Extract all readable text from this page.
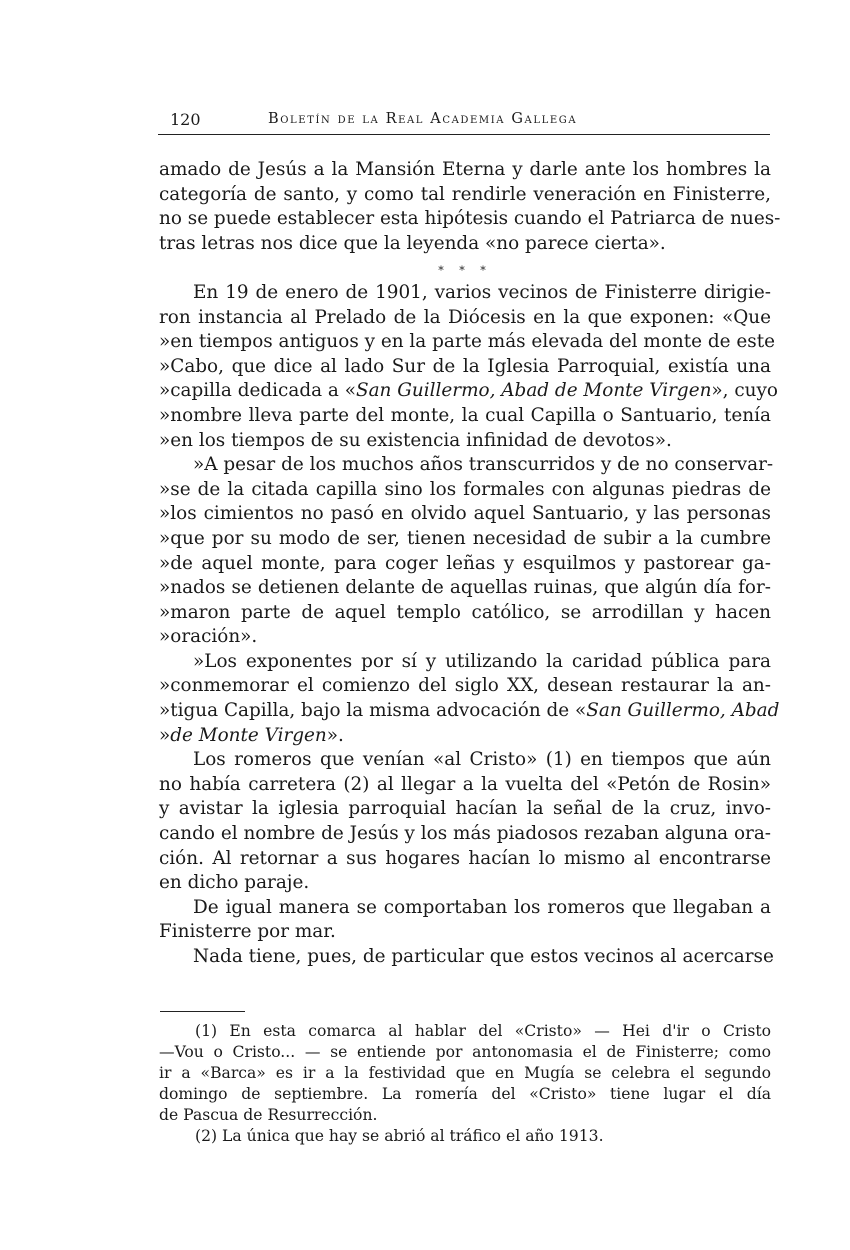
120	Boletín de la Real Academia Gallega
amado de Jesús a la Mansión Eterna y darle ante los hombres la
categoría de santo, y como tal rendirle veneración en Finisterre,
no se puede establecer esta hipótesis cuando el Patriarca de nues-
tras letras nos dice que la leyenda «no parece cierta».
* * *
En 19 de enero de 1901, varios vecinos de Finisterre dirigie-
ron instancia al Prelado de la Diócesis en la que exponen: «Que
»en tiempos antiguos y en la parte más elevada del monte de este
»Cabo, que dice al lado Sur de la Iglesia Parroquial, existía una
»capilla dedicada a «San Guillermo, Abad de Monte Virgen», cuyo
»nombre lleva parte del monte, la cual Capilla o Santuario, tenía
»en los tiempos de su existencia infinidad de devotos».
»A pesar de los muchos años transcurridos y de no conservar-
»se de la citada capilla sino los formales con algunas piedras de
»los cimientos no pasó en olvido aquel Santuario, y las personas
»que por su modo de ser, tienen necesidad de subir a la cumbre
»de aquel monte, para coger leñas y esquilmos y pastorear ga-
»nados se detienen delante de aquellas ruinas, que algún día for-
»maron parte de aquel templo católico, se arrodillan y hacen
»oración».
»Los exponentes por sí y utilizando la caridad pública para
»conmemorar el comienzo del siglo XX, desean restaurar la an-
»tigua Capilla, bajo la misma advocación de «San Guillermo, Abad
»de Monte Virgen».
Los romeros que venían «al Cristo» (1) en tiempos que aún
no había carretera (2) al llegar a la vuelta del «Petón de Rosin»
y avistar la iglesia parroquial hacían la señal de la cruz, invo-
cando el nombre de Jesús y los más piadosos rezaban alguna ora-
ción. Al retornar a sus hogares hacían lo mismo al encontrarse
en dicho paraje.
De igual manera se comportaban los romeros que llegaban a
Finisterre por mar.
Nada tiene, pues, de particular que estos vecinos al acercarse
(1) En esta comarca al hablar del «Cristo» — Hei d'ir o Cristo
—Vou o Cristo... — se entiende por antonomasia el de Finisterre; como
ir a «Barca» es ir a la festividad que en Mugía se celebra el segundo
domingo de septiembre. La romería del «Cristo» tiene lugar el día
de Pascua de Resurrección.
(2) La única que hay se abrió al tráfico el año 1913.
